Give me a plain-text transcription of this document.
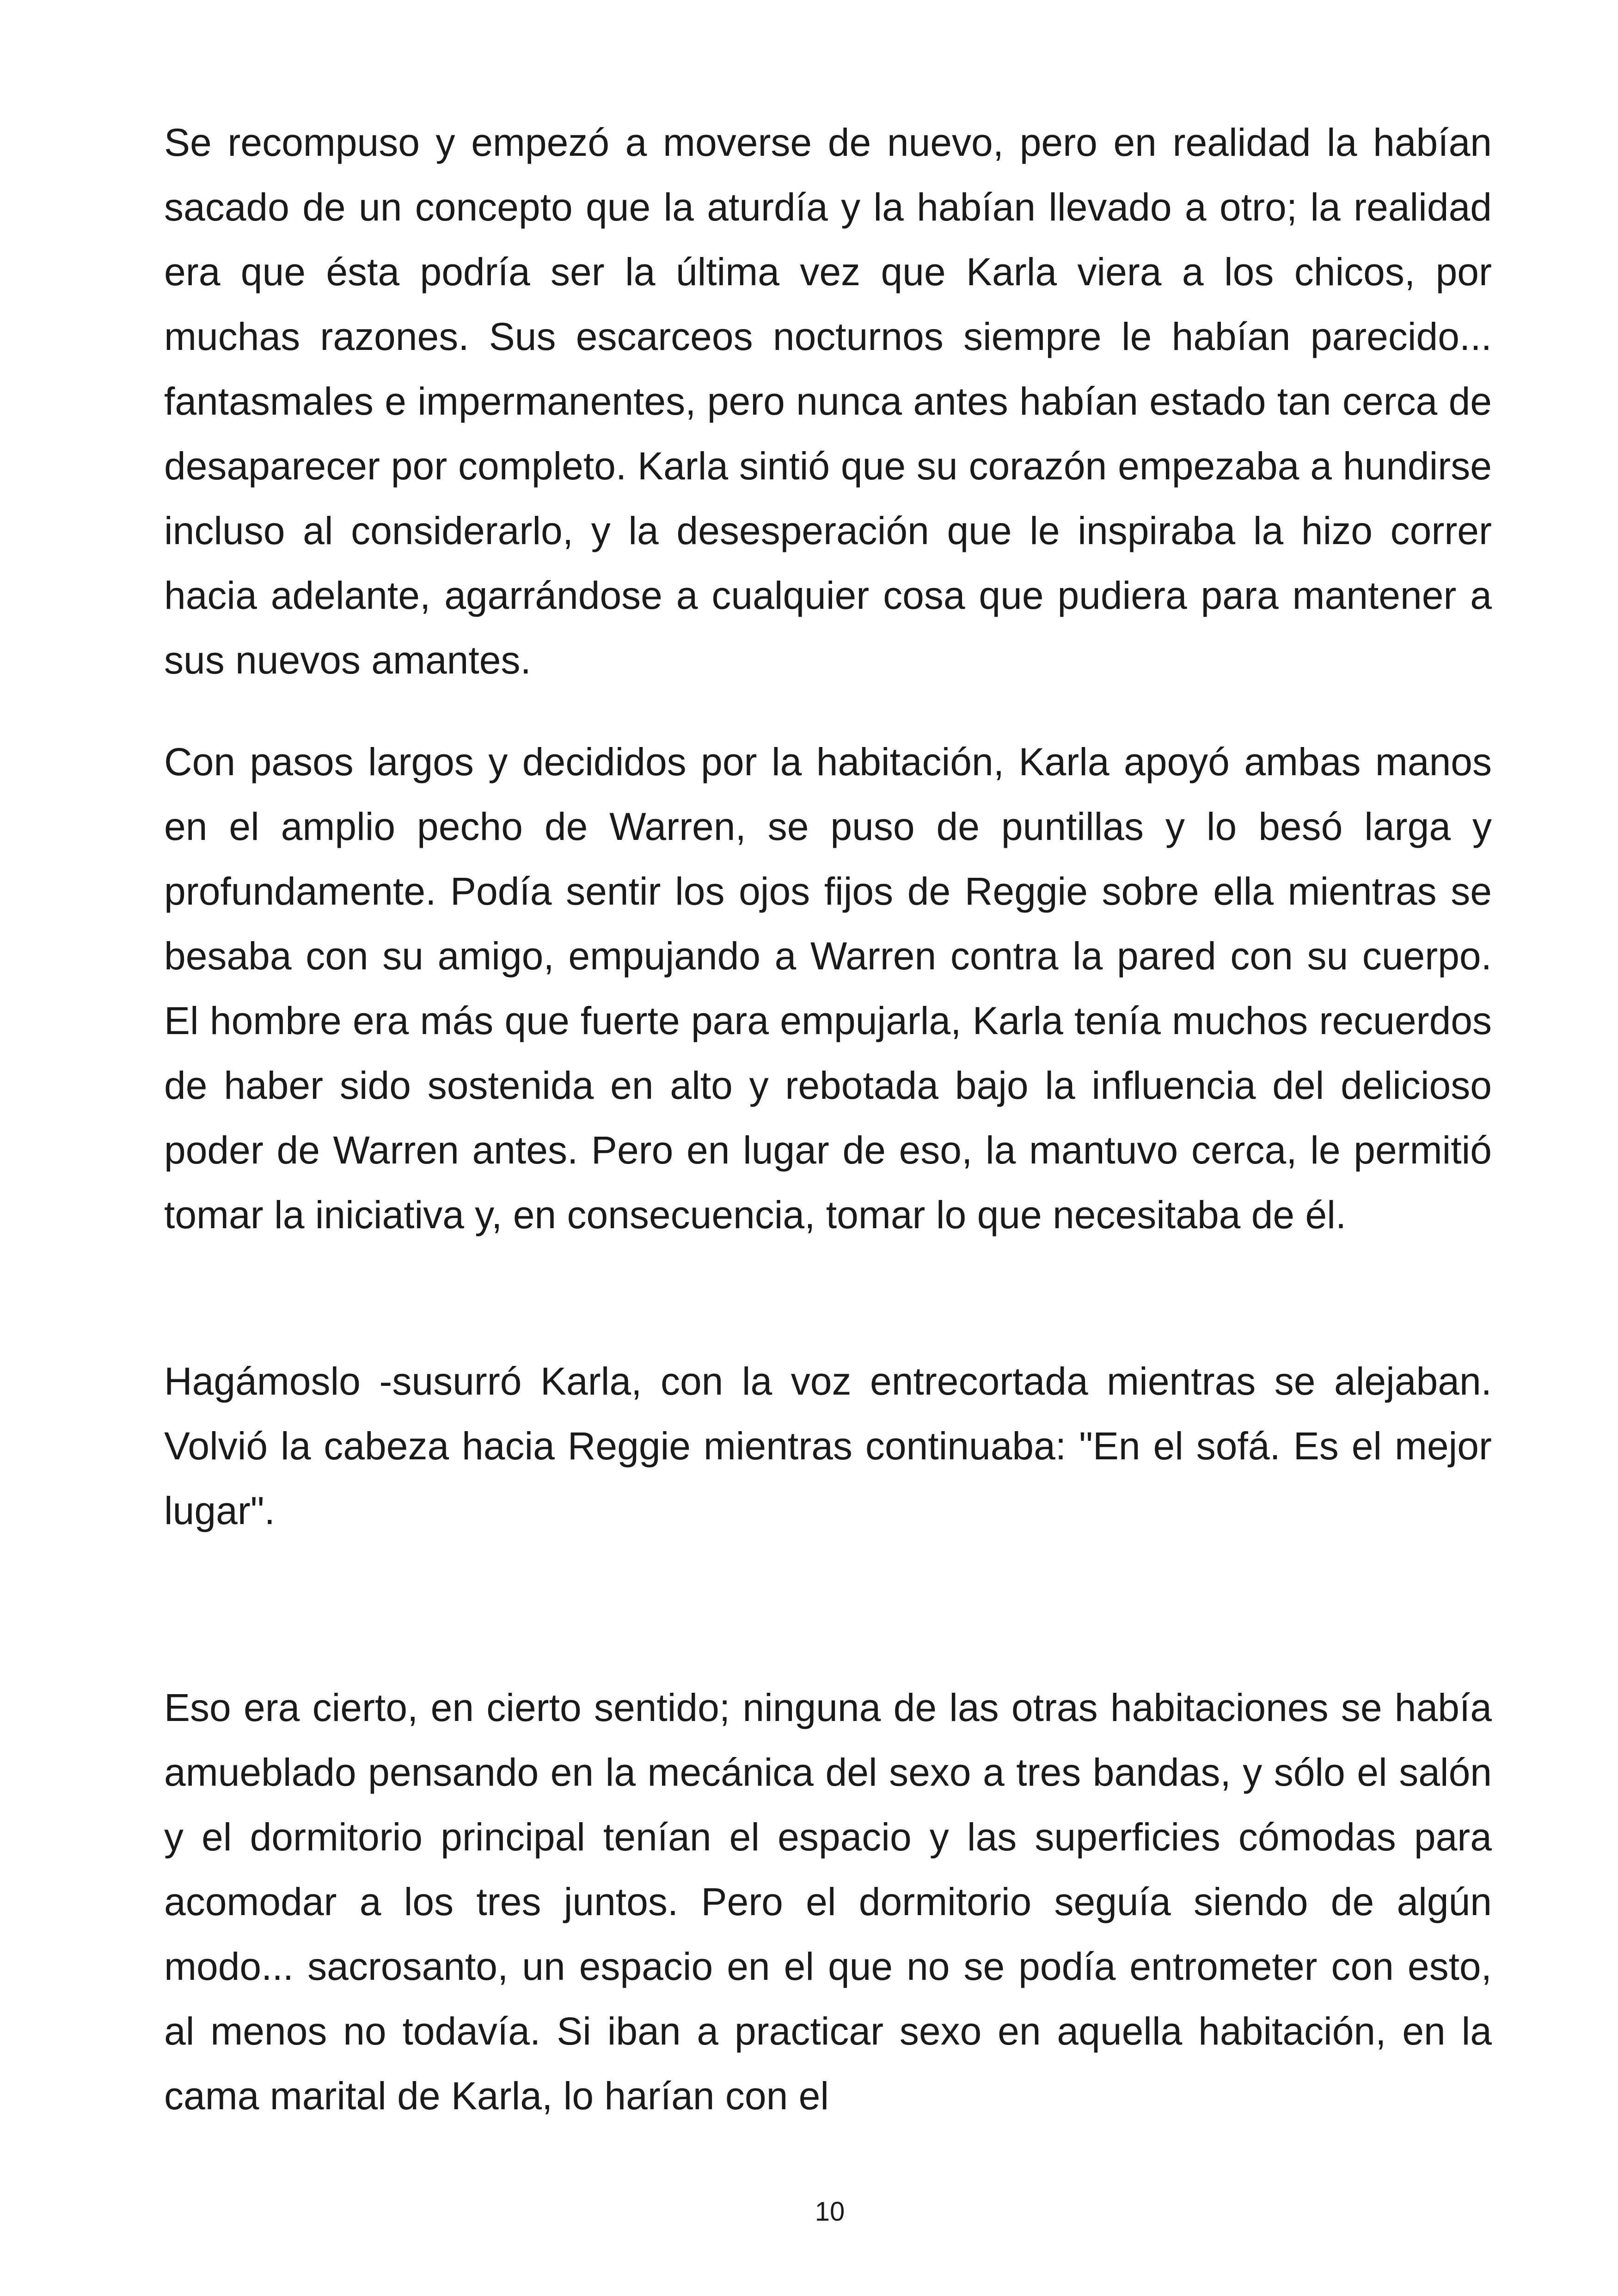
Se recompuso y empezó a moverse de nuevo, pero en realidad la habían sacado de un concepto que la aturdía y la habían llevado a otro; la realidad era que ésta podría ser la última vez que Karla viera a los chicos, por muchas razones. Sus escarceos nocturnos siempre le habían parecido... fantasmales e impermanentes, pero nunca antes habían estado tan cerca de desaparecer por completo. Karla sintió que su corazón empezaba a hundirse incluso al considerarlo, y la desesperación que le inspiraba la hizo correr hacia adelante, agarrándose a cualquier cosa que pudiera para mantener a sus nuevos amantes.

Con pasos largos y decididos por la habitación, Karla apoyó ambas manos en el amplio pecho de Warren, se puso de puntillas y lo besó larga y profundamente. Podía sentir los ojos fijos de Reggie sobre ella mientras se besaba con su amigo, empujando a Warren contra la pared con su cuerpo. El hombre era más que fuerte para empujarla, Karla tenía muchos recuerdos de haber sido sostenida en alto y rebotada bajo la influencia del delicioso poder de Warren antes. Pero en lugar de eso, la mantuvo cerca, le permitió tomar la iniciativa y, en consecuencia, tomar lo que necesitaba de él.

Hagámoslo -susurró Karla, con la voz entrecortada mientras se alejaban. Volvió la cabeza hacia Reggie mientras continuaba: "En el sofá. Es el mejor lugar".

Eso era cierto, en cierto sentido; ninguna de las otras habitaciones se había amueblado pensando en la mecánica del sexo a tres bandas, y sólo el salón y el dormitorio principal tenían el espacio y las superficies cómodas para acomodar a los tres juntos. Pero el dormitorio seguía siendo de algún modo... sacrosanto, un espacio en el que no se podía entrometer con esto, al menos no todavía. Si iban a practicar sexo en aquella habitación, en la cama marital de Karla, lo harían con el

10
